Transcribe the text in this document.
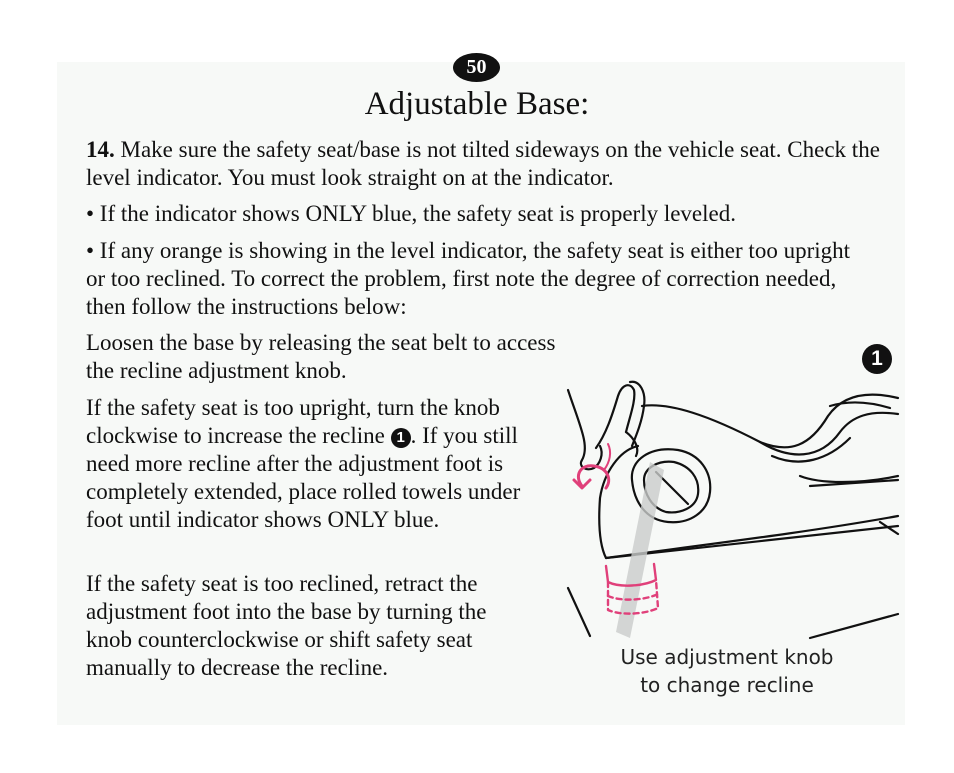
50
Adjustable Base:

14. Make sure the safety seat/base is not tilted sideways on the vehicle seat. Check the level indicator. You must look straight on at the indicator.

• If the indicator shows ONLY blue, the safety seat is properly leveled.

• If any orange is showing in the level indicator, the safety seat is either too upright or too reclined. To correct the problem, first note the degree of correction needed, then follow the instructions below:

Loosen the base by releasing the seat belt to access the recline adjustment knob.

If the safety seat is too upright, turn the knob clockwise to increase the recline 1 . If you still need more recline after the adjustment foot is completely extended, place rolled towels under foot until indicator shows ONLY blue.

If the safety seat is too reclined, retract the adjustment foot into the base by turning the knob counterclockwise or shift safety seat manually to decrease the recline.

1
Use adjustment knob
to change recline
